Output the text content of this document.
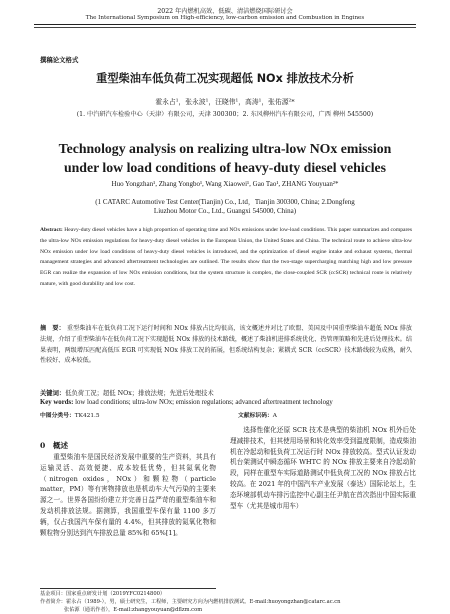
2022 年内燃机高效、低碳、清洁燃烧国际研讨会
The International Symposium on High-efficiency, low-carbon emission and Combustion in Engines
撰稿论文格式
重型柴油车低负荷工况实现超低 NOx 排放技术分析
霍永占¹，张永波¹，汪晓伟¹，高涛¹，张佑源²*
(1. 中汽研汽车检验中心（天津）有限公司，天津 300300；2. 东风柳州汽车有限公司，广西 柳州 545500)
Technology analysis on realizing ultra-low NOx emission
under low load conditions of heavy-duty diesel vehicles
Huo Yongzhan¹, Zhang Yongbo¹, Wang Xiaowei¹, Gao Tao¹, ZHANG Youyuan²*
(1 CATARC Automotive Test Center(Tianjin) Co., Ltd，Tianjin 300300, China; 2.Dongfeng
Liuzhou Motor Co., Ltd., Guangxi 545000, China)
Abstract: Heavy-duty diesel vehicles have a high proportion of operating time and NOx emissions under low-load conditions. This paper summarizes and compares the ultra-low NOx emission regulations for heavy-duty diesel vehicles in the European Union, the United States and China. The technical route to achieve ultra-low NOx emission under low load conditions of heavy-duty diesel vehicles is introduced, and the optimization of diesel engine intake and exhaust systems, thermal management strategies and advanced aftertreatment technologies are outlined. The results show that the two-stage supercharging matching high and low pressure EGR can realize the expansion of low NOx emission conditions, but the system structure is complex, the close-coupled SCR (ccSCR) technical route is relatively mature, with good durability and low cost.
摘　要： 重型柴油车在低负荷工况下运行时间和 NOx 排放占比均很高，该文概述并对比了欧盟、美国及中国重型柴油车超低 NOx 排放法规，介绍了重型柴油车在低负荷工况下实现超低 NOx 排放的技术路线，概述了柴油机进排系统优化、热管理策略和先进后处理技术。结果表明，两级增压匹配高低压 EGR 可实现低 NOx 排放工况的拓展，但系统结构复杂；紧耦式 SCR（ccSCR）技术路线较为成熟，耐久性较好、成本较低。
关键词：低负荷工况；超低 NOx；排放法规；先进后处理技术
Key words: low load conditions; ultra-low NOx; emission regulations; advanced aftertreatment technology
中图分类号：TK421.5	文献标识码：A
0　概述
重型柴油车是国民经济发展中重要的生产资料，其具有运输灵活、高效便捷、成本较低优势，但其氮氧化物（nitrogen oxides，NOx）和颗粒物（particle matter，PM）等有害物排放也是机动车大气污染的主要来源之一。世界各国纷纷建立并完善日益严苛的重型柴油车和发动机排放法规。据测算，我国重型车保有量 1100 多万辆，仅占我国汽车保有量的 4.4%，但其排放的氮氧化物和颗粒物分别达到汽车排放总量 85%和 65%[1]。
选择性催化还原 SCR 技术是典型的柴油机 NOx 机外后处理减排技术，但其使用场景和转化效率受到温度限制，造成柴油机在冷起动和低负荷工况运行时 NOx 排放较高。型式认证发动机台架测试中瞬态循环 WHTC 的 NOx 排放主要来自冷起动阶段，同样在重型车实际道路测试中低负荷工况的 NOx 排放占比较高。在 2021 年的中国汽车产业发展（泰达）国际论坛上，生态环境部机动车排污监控中心副主任尹航在首次指出中国实际重型车（尤其是城市用车）
基金项目：国家重点研发计划（2019YFC0214800）
作者简介：霍永占（1989-），男，硕士研究生，工程师，主要研究方向为内燃机排放测试。E-mail:huoyongzhan@catarc.ac.cn
张佑源（通讯作者），E-mail:zhangyouyuan@dflzm.com
